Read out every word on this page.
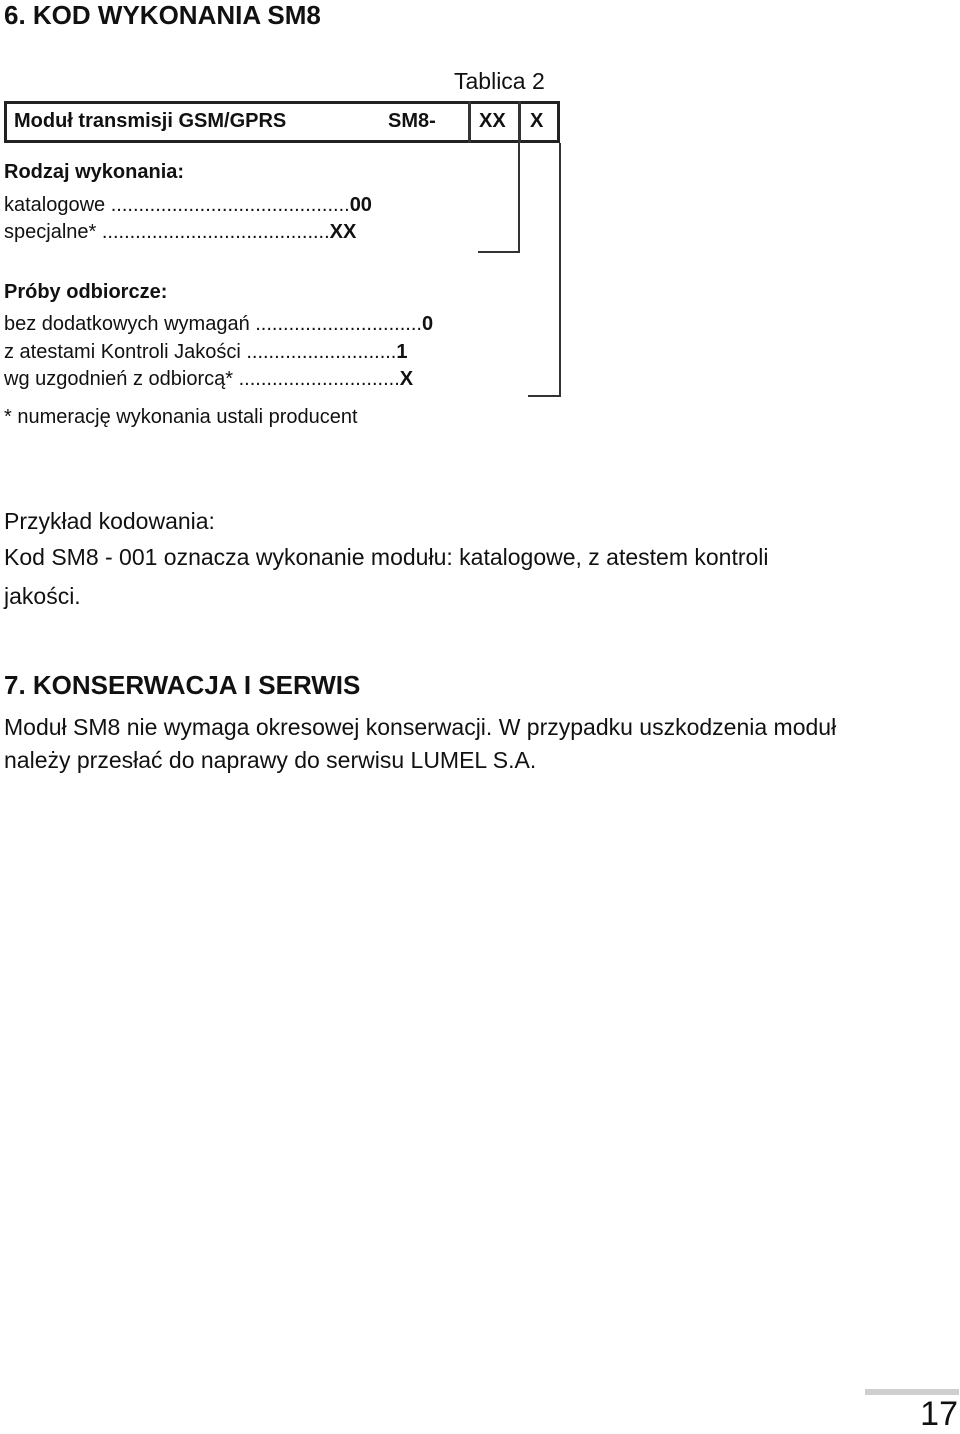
6. KOD WYKONANIA SM8
Tablica 2
Moduł transmisji GSM/GPRS	SM8- XX X
Rodzaj wykonania:
katalogowe ...........................................00
specjalne* .........................................XX
Próby odbiorcze:
bez dodatkowych wymagań ..............................0
z atestami Kontroli Jakości ...........................1
wg uzgodnień z odbiorcą* .............................X
* numerację wykonania ustali producent
Przykład kodowania:
Kod SM8 - 001 oznacza wykonanie modułu: katalogowe, z atestem kontroli
jakości.
7. KONSERWACJA I SERWIS
Moduł SM8 nie wymaga okresowej konserwacji. W przypadku uszkodzenia moduł
należy przesłać do naprawy do serwisu LUMEL S.A.
17
